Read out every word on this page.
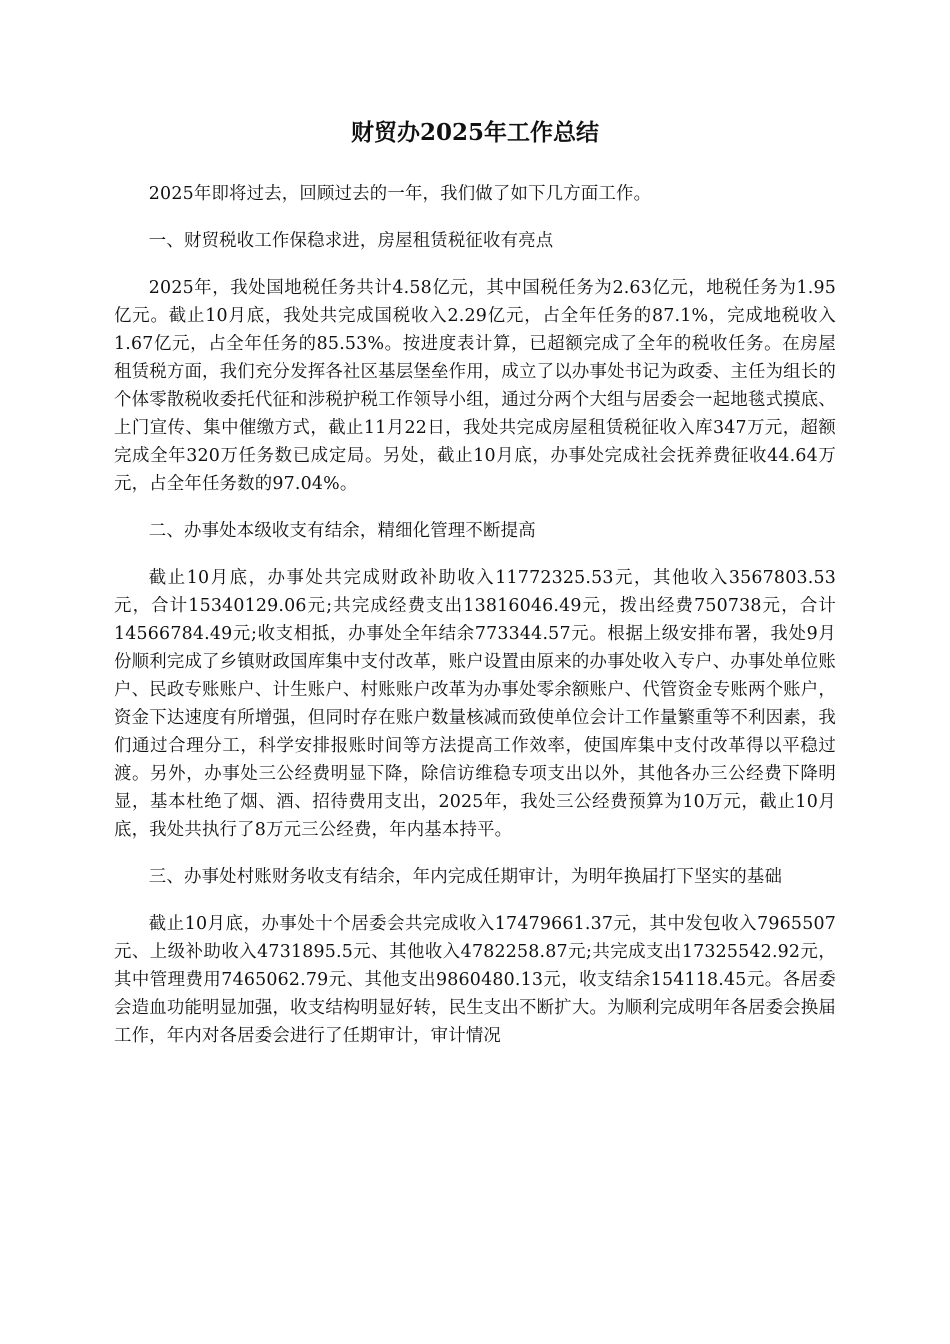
财贸办2025年工作总结

2025年即将过去，回顾过去的一年，我们做了如下几方面工作。

一、财贸税收工作保稳求进，房屋租赁税征收有亮点

2025年，我处国地税任务共计4.58亿元，其中国税任务为2.63亿元，地税任务为1.95亿元。截止10月底，我处共完成国税收入2.29亿元，占全年任务的87.1%，完成地税收入1.67亿元，占全年任务的85.53%。按进度表计算，已超额完成了全年的税收任务。在房屋租赁税方面，我们充分发挥各社区基层堡垒作用，成立了以办事处书记为政委、主任为组长的个体零散税收委托代征和涉税护税工作领导小组，通过分两个大组与居委会一起地毯式摸底、上门宣传、集中催缴方式，截止11月22日，我处共完成房屋租赁税征收入库347万元，超额完成全年320万任务数已成定局。另处，截止10月底，办事处完成社会抚养费征收44.64万元，占全年任务数的97.04%。

二、办事处本级收支有结余，精细化管理不断提高

截止10月底，办事处共完成财政补助收入11772325.53元，其他收入3567803.53元，合计15340129.06元;共完成经费支出13816046.49元，拨出经费750738元，合计14566784.49元;收支相抵，办事处全年结余773344.57元。根据上级安排布署，我处9月份顺利完成了乡镇财政国库集中支付改革，账户设置由原来的办事处收入专户、办事处单位账户、民政专账账户、计生账户、村账账户改革为办事处零余额账户、代管资金专账两个账户，资金下达速度有所增强，但同时存在账户数量核减而致使单位会计工作量繁重等不利因素，我们通过合理分工，科学安排报账时间等方法提高工作效率，使国库集中支付改革得以平稳过渡。另外，办事处三公经费明显下降，除信访维稳专项支出以外，其他各办三公经费下降明显，基本杜绝了烟、酒、招待费用支出，2025年，我处三公经费预算为10万元，截止10月底，我处共执行了8万元三公经费，年内基本持平。

三、办事处村账财务收支有结余，年内完成任期审计，为明年换届打下坚实的基础

截止10月底，办事处十个居委会共完成收入17479661.37元，其中发包收入7965507元、上级补助收入4731895.5元、其他收入4782258.87元;共完成支出17325542.92元，其中管理费用7465062.79元、其他支出9860480.13元，收支结余154118.45元。各居委会造血功能明显加强，收支结构明显好转，民生支出不断扩大。为顺利完成明年各居委会换届工作，年内对各居委会进行了任期审计，审计情况
